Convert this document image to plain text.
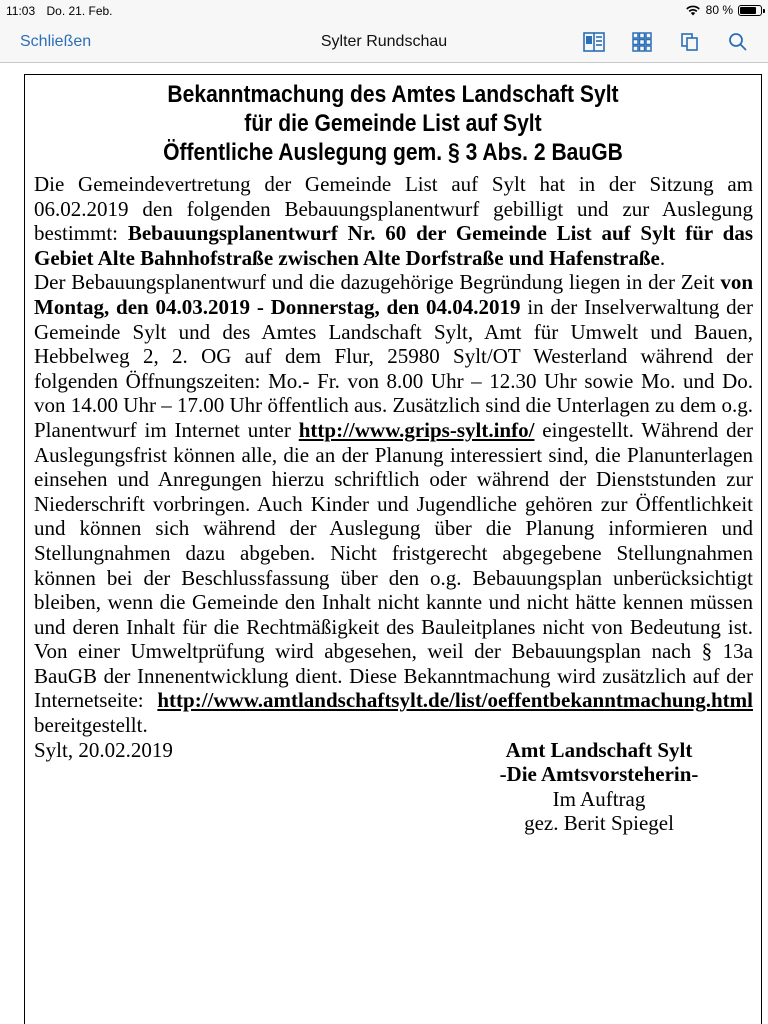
11:03 Do. 21. Feb.	80 %
Schließen	Sylter Rundschau
Bekanntmachung des Amtes Landschaft Sylt
für die Gemeinde List auf Sylt
Öffentliche Auslegung gem. § 3 Abs. 2 BauGB

Die Gemeindevertretung der Gemeinde List auf Sylt hat in der Sitzung am 06.02.2019 den folgenden Bebauungsplanentwurf gebilligt und zur Auslegung bestimmt: Bebauungsplanentwurf Nr. 60 der Gemeinde List auf Sylt für das Gebiet Alte Bahnhofstraße zwischen Alte Dorfstraße und Hafenstraße.

Der Bebauungsplanentwurf und die dazugehörige Begründung liegen in der Zeit von Montag, den 04.03.2019 - Donnerstag, den 04.04.2019 in der Inselverwaltung der Gemeinde Sylt und des Amtes Landschaft Sylt, Amt für Umwelt und Bauen, Hebbelweg 2, 2. OG auf dem Flur, 25980 Sylt/OT Westerland während der folgenden Öffnungszeiten: Mo.- Fr. von 8.00 Uhr – 12.30 Uhr sowie Mo. und Do. von 14.00 Uhr – 17.00 Uhr öffentlich aus. Zusätzlich sind die Unterlagen zu dem o.g. Planentwurf im Internet unter http://www.grips-sylt.info/ eingestellt. Während der Auslegungsfrist können alle, die an der Planung interessiert sind, die Planunterlagen einsehen und Anregungen hierzu schriftlich oder während der Dienststunden zur Niederschrift vorbringen. Auch Kinder und Jugendliche gehören zur Öffentlichkeit und können sich während der Auslegung über die Planung informieren und Stellungnahmen dazu abgeben. Nicht fristgerecht abgegebene Stellungnahmen können bei der Beschlussfassung über den o.g. Bebauungsplan unberücksichtigt bleiben, wenn die Gemeinde den Inhalt nicht kannte und nicht hätte kennen müssen und deren Inhalt für die Rechtmäßigkeit des Bauleitplanes nicht von Bedeutung ist. Von einer Umweltprüfung wird abgesehen, weil der Bebauungsplan nach § 13a BauGB der Innenentwicklung dient. Diese Bekanntmachung wird zusätzlich auf der Internetseite: http://www.amtlandschaftsylt.de/list/oeffentbekanntmachung.html bereitgestellt.

Sylt, 20.02.2019	Amt Landschaft Sylt
-Die Amtsvorsteherin-
Im Auftrag
gez. Berit Spiegel
